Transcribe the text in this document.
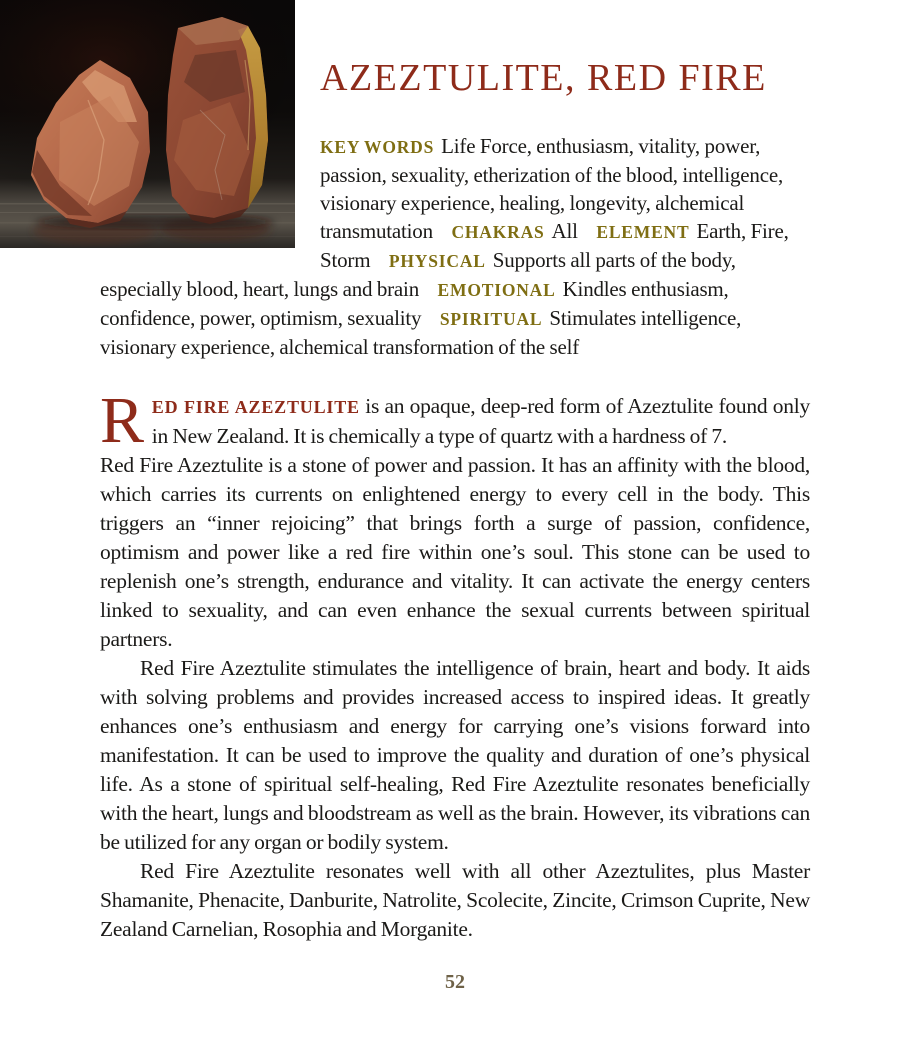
AZEZTULITE, RED FIRE

KEY WORDS Life Force, enthusiasm, vitality, power, passion, sexuality, etherization of the blood, intelligence, visionary experience, healing, longevity, alchemical transmutation CHAKRAS All ELEMENT Earth, Fire, Storm PHYSICAL Supports all parts of the body, especially blood, heart, lungs and brain EMOTIONAL Kindles enthusiasm, confidence, power, optimism, sexuality SPIRITUAL Stimulates intelligence, visionary experience, alchemical transformation of the self

RED FIRE AZEZTULITE is an opaque, deep-red form of Azeztulite found only in New Zealand. It is chemically a type of quartz with a hardness of 7.

Red Fire Azeztulite is a stone of power and passion. It has an affinity with the blood, which carries its currents on enlightened energy to every cell in the body. This triggers an “inner rejoicing” that brings forth a surge of passion, confidence, optimism and power like a red fire within one’s soul. This stone can be used to replenish one’s strength, endurance and vitality. It can activate the energy centers linked to sexuality, and can even enhance the sexual currents between spiritual partners.

Red Fire Azeztulite stimulates the intelligence of brain, heart and body. It aids with solving problems and provides increased access to inspired ideas. It greatly enhances one’s enthusiasm and energy for carrying one’s visions forward into manifestation. It can be used to improve the quality and duration of one’s physical life. As a stone of spiritual self-healing, Red Fire Azeztulite resonates beneficially with the heart, lungs and bloodstream as well as the brain. However, its vibrations can be utilized for any organ or bodily system.

Red Fire Azeztulite resonates well with all other Azeztulites, plus Master Shamanite, Phenacite, Danburite, Natrolite, Scolecite, Zincite, Crimson Cuprite, New Zealand Carnelian, Rosophia and Morganite.

52
